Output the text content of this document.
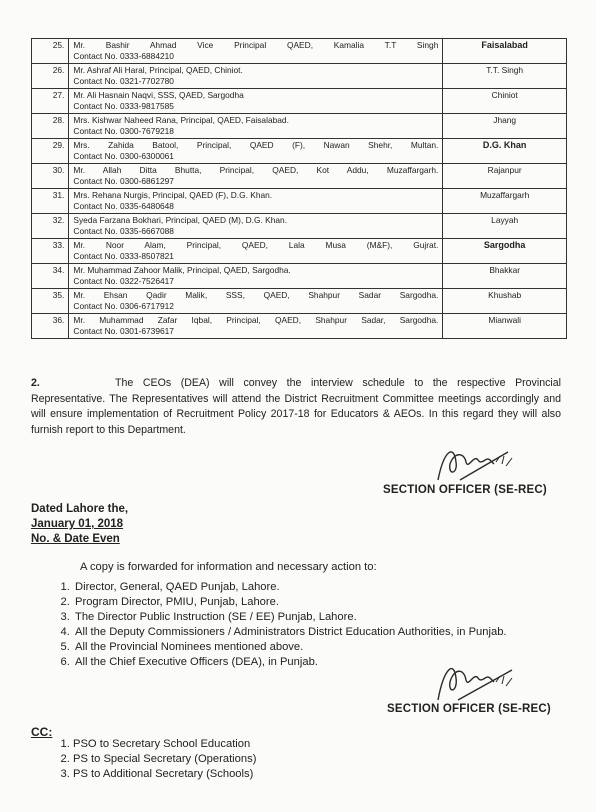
25.	Mr. Bashir Ahmad Vice Principal QAED, Kamalia T.T Singh
Contact No. 0333-6884210	Faisalabad
26.	Mr. Ashraf Ali Haral, Principal, QAED, Chiniot.
Contact No. 0321-7702780	T.T. Singh
27.	Mr. Ali Hasnain Naqvi, SSS, QAED, Sargodha
Contact No. 0333-9817585	Chiniot
28.	Mrs. Kishwar Naheed Rana, Principal, QAED, Faisalabad.
Contact No. 0300-7679218	Jhang
29.	Mrs. Zahida Batool, Principal, QAED (F), Nawan Shehr, Multan.
Contact No. 0300-6300061	D.G. Khan
30.	Mr. Allah Ditta Bhutta, Principal, QAED, Kot Addu, Muzaffargarh.
Contact No. 0300-6861297	Rajanpur
31.	Mrs. Rehana Nurgis, Principal, QAED (F), D.G. Khan.
Contact No. 0335-6480648	Muzaffargarh
32.	Syeda Farzana Bokhari, Principal, QAED (M), D.G. Khan.
Contact No. 0335-6667088	Layyah
33.	Mr. Noor Alam, Principal, QAED, Lala Musa (M&F), Gujrat.
Contact No. 0333-8507821	Sargodha
34.	Mr. Muhammad Zahoor Malik, Principal, QAED, Sargodha.
Contact No. 0322-7526417	Bhakkar
35.	Mr. Ehsan Qadir Malik, SSS, QAED, Shahpur Sadar Sargodha.
Contact No. 0306-6717912	Khushab
36.	Mr. Muhammad Zafar Iqbal, Principal, QAED, Shahpur Sadar, Sargodha.
Contact No. 0301-6739617	Mianwali
2.	The CEOs (DEA) will convey the interview schedule to the respective Provincial Representative. The Representatives will attend the District Recruitment Committee meetings accordingly and will ensure implementation of Recruitment Policy 2017-18 for Educators & AEOs. In this regard they will also furnish report to this Department.
SECTION OFFICER (SE-REC)
Dated Lahore the,
January 01, 2018
No. & Date Even
A copy is forwarded for information and necessary action to:
1. Director, General, QAED Punjab, Lahore.
2. Program Director, PMIU, Punjab, Lahore.
3. The Director Public Instruction (SE / EE) Punjab, Lahore.
4. All the Deputy Commissioners / Administrators District Education Authorities, in Punjab.
5. All the Provincial Nominees mentioned above.
6. All the Chief Executive Officers (DEA), in Punjab.
SECTION OFFICER (SE-REC)
CC:
1. PSO to Secretary School Education
2. PS to Special Secretary (Operations)
3. PS to Additional Secretary (Schools)
